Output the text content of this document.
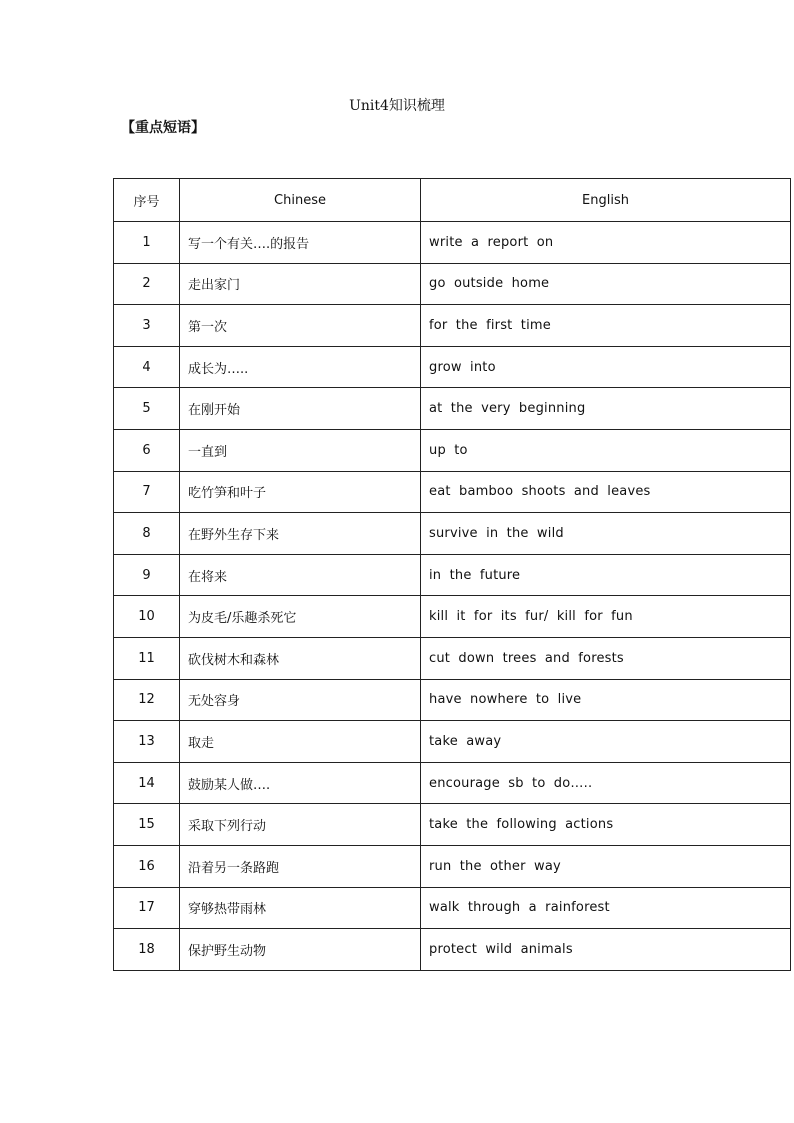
Unit4知识梳理
【重点短语】
序号	Chinese	English
1	写一个有关….的报告	write a report on
2	走出家门	go outside home
3	第一次	for the first time
4	成长为…..	grow into
5	在刚开始	at the very beginning
6	一直到	up to
7	吃竹笋和叶子	eat bamboo shoots and leaves
8	在野外生存下来	survive in the wild
9	在将来	in the future
10	为皮毛/乐趣杀死它	kill it for its fur/ kill for fun
11	砍伐树木和森林	cut down trees and forests
12	无处容身	have nowhere to live
13	取走	take away
14	鼓励某人做….	encourage sb to do…..
15	采取下列行动	take the following actions
16	沿着另一条路跑	run the other way
17	穿够热带雨林	walk through a rainforest
18	保护野生动物	protect wild animals
